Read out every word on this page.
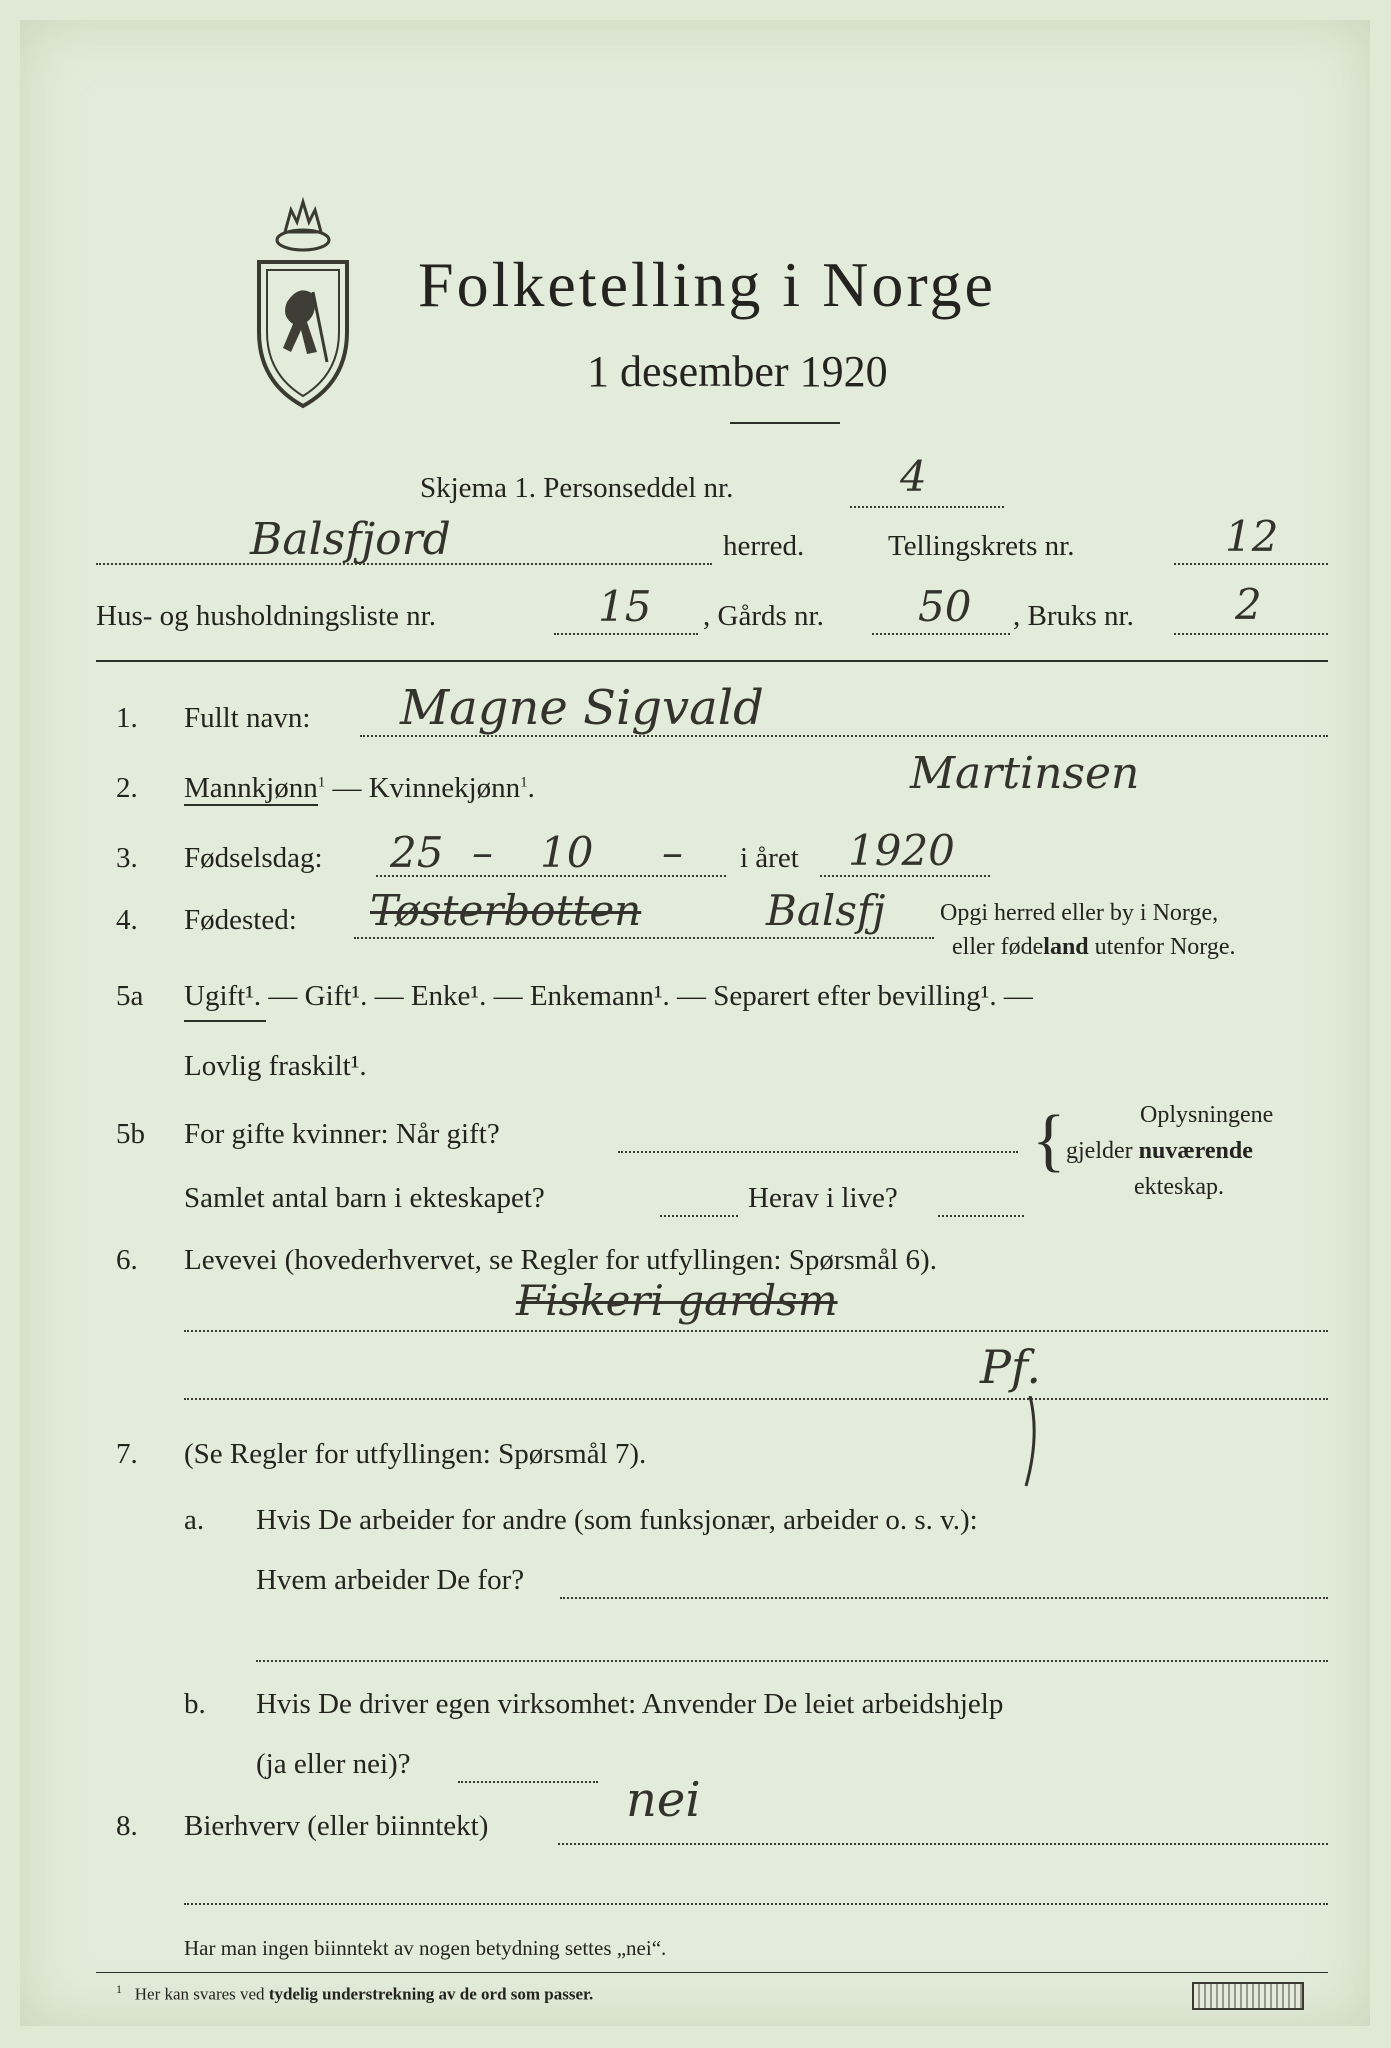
Folketelling i Norge
1 desember 1920
Skjema 1. Personseddel nr.	4
Balsfjord	herred.	Tellingskrets nr.	12
Hus- og husholdningsliste nr.	15 , Gårds nr. 50 , Bruks nr. 2
1. Fullt navn: Magne Sigvald
Martinsen
2. Mannkjønn$^1$ — Kvinnekjønn$^1$.
3. Fødselsdag: 25 – 10 – i året 1920
4. Fødested: Tøsterbotten	Balsfj Opgi herred eller by i Norge,
eller fødeland utenfor Norge.
5a Ugift¹. — Gift¹. — Enke¹. — Enkemann¹. — Separert efter bevilling¹. —
Lovlig fraskilt¹.
5b For gifte kvinner: Når gift?
Samlet antal barn i ekteskapet?	Herav i live?
{	Oplysningene
gjelder nuværende
ekteskap.
6. Levevei (hovederhvervet, se Regler for utfyllingen: Spørsmål 6).
Fiskeri gardsm
Pf.
7. (Se Regler for utfyllingen: Spørsmål 7).
a. Hvis De arbeider for andre (som funksjonær, arbeider o. s. v.):
Hvem arbeider De for?
b. Hvis De driver egen virksomhet: Anvender De leiet arbeidshjelp
(ja eller nei)?
8. Bierhverv (eller biinntekt)	nei
Har man ingen biinntekt av nogen betydning settes „nei“.
$^1$ Her kan svares ved tydelig understrekning av de ord som passer.
